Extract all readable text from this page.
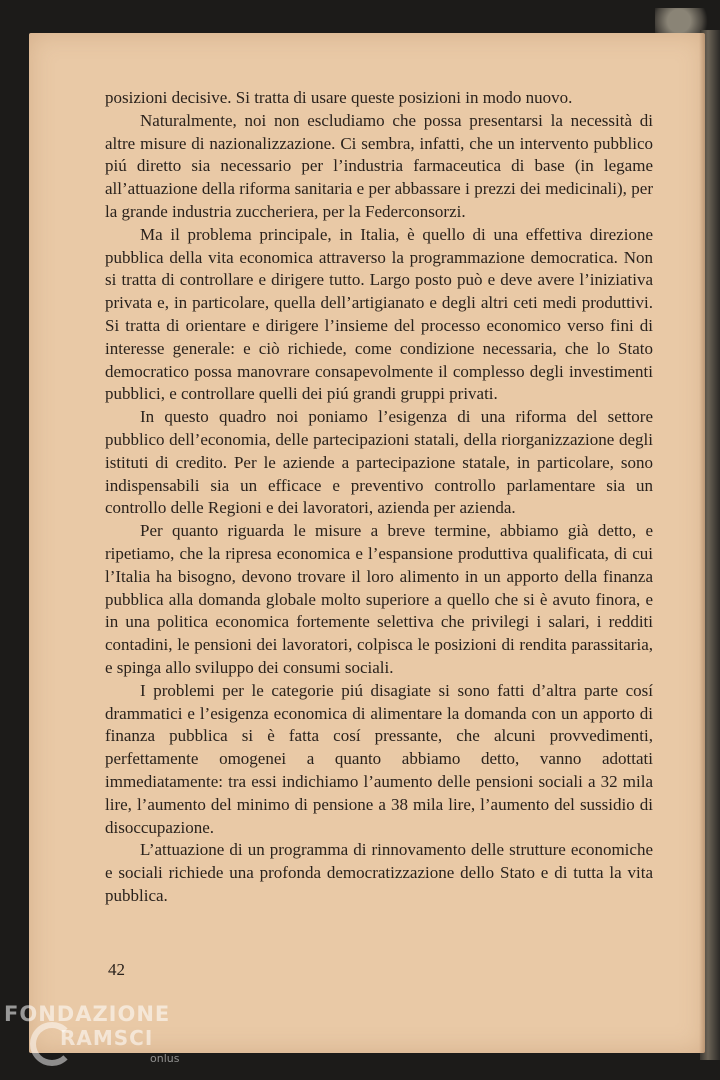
posizioni decisive. Si tratta di usare queste posizioni in modo nuovo.

Naturalmente, noi non escludiamo che possa presentarsi la necessità di altre misure di nazionalizzazione. Ci sembra, infatti, che un intervento pubblico piú diretto sia necessario per l’industria farmaceutica di base (in legame all’attuazione della riforma sanitaria e per abbassare i prezzi dei medicinali), per la grande industria zuccheriera, per la Federconsorzi.

Ma il problema principale, in Italia, è quello di una effettiva direzione pubblica della vita economica attraverso la programmazione democratica. Non si tratta di controllare e dirigere tutto. Largo posto può e deve avere l’iniziativa privata e, in particolare, quella dell’artigianato e degli altri ceti medi produttivi. Si tratta di orientare e dirigere l’insieme del processo economico verso fini di interesse generale: e ciò richiede, come condizione necessaria, che lo Stato democratico possa manovrare consapevolmente il complesso degli investimenti pubblici, e controllare quelli dei piú grandi gruppi privati.

In questo quadro noi poniamo l’esigenza di una riforma del settore pubblico dell’economia, delle partecipazioni statali, della riorganizzazione degli istituti di credito. Per le aziende a partecipazione statale, in particolare, sono indispensabili sia un efficace e preventivo controllo parlamentare sia un controllo delle Regioni e dei lavoratori, azienda per azienda.

Per quanto riguarda le misure a breve termine, abbiamo già detto, e ripetiamo, che la ripresa economica e l’espansione produttiva qualificata, di cui l’Italia ha bisogno, devono trovare il loro alimento in un apporto della finanza pubblica alla domanda globale molto superiore a quello che si è avuto finora, e in una politica economica fortemente selettiva che privilegi i salari, i redditi contadini, le pensioni dei lavoratori, colpisca le posizioni di rendita parassitaria, e spinga allo sviluppo dei consumi sociali.

I problemi per le categorie piú disagiate si sono fatti d’altra parte cosí drammatici e l’esigenza economica di alimentare la domanda con un apporto di finanza pubblica si è fatta cosí pressante, che alcuni provvedimenti, perfettamente omogenei a quanto abbiamo detto, vanno adottati immediatamente: tra essi indichiamo l’aumento delle pensioni sociali a 32 mila lire, l’aumento del minimo di pensione a 38 mila lire, l’aumento del sussidio di disoccupazione.

L’attuazione di un programma di rinnovamento delle strutture economiche e sociali richiede una profonda democratizzazione dello Stato e di tutta la vita pubblica.

42
FONDAZIONE
RAMSCI
onlus
